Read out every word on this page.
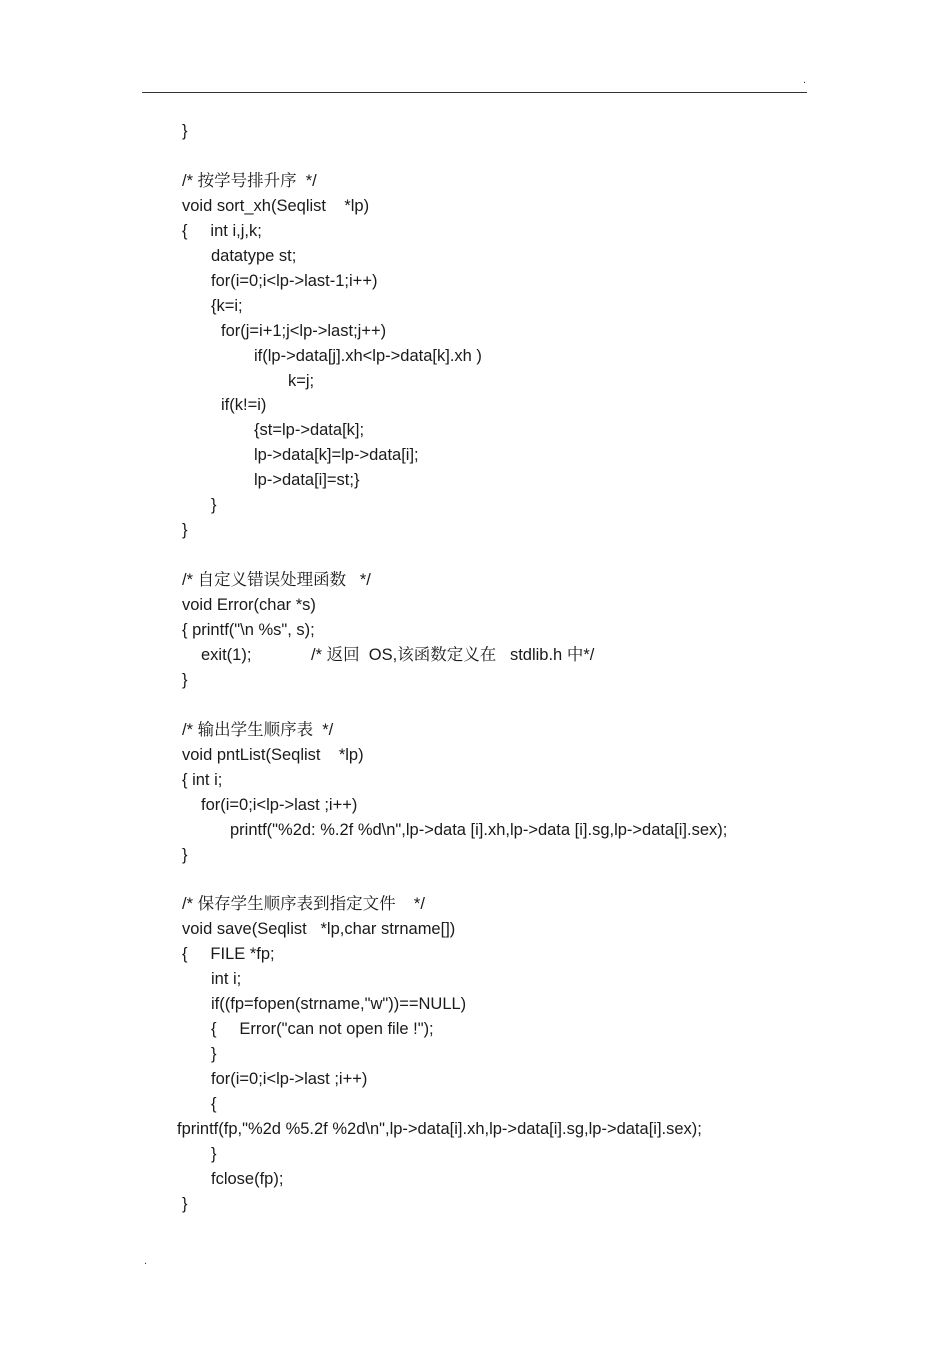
.
.
}
/* 按学号排升序  */
void sort_xh(Seqlist    *lp)
{     int i,j,k;
datatype st;
for(i=0;i<lp->last-1;i++)
{k=i;
for(j=i+1;j<lp->last;j++)
if(lp->data[j].xh<lp->data[k].xh )
k=j;
if(k!=i)
{st=lp->data[k];
lp->data[k]=lp->data[i];
lp->data[i]=st;}
}
}
/* 自定义错误处理函数   */
void Error(char *s)
{ printf("\n %s", s);
exit(1);             /* 返回  OS,该函数定义在   stdlib.h 中*/
}
/* 输出学生顺序表  */
void pntList(Seqlist    *lp)
{ int i;
for(i=0;i<lp->last ;i++)
printf("%2d: %.2f %d\n",lp->data [i].xh,lp->data [i].sg,lp->data[i].sex);
}
/* 保存学生顺序表到指定文件    */
void save(Seqlist   *lp,char strname[])
{     FILE *fp;
int i;
if((fp=fopen(strname,"w"))==NULL)
{     Error("can not open file !");
}
for(i=0;i<lp->last ;i++)
{
fprintf(fp,"%2d %5.2f %2d\n",lp->data[i].xh,lp->data[i].sg,lp->data[i].sex);
}
fclose(fp);
}
